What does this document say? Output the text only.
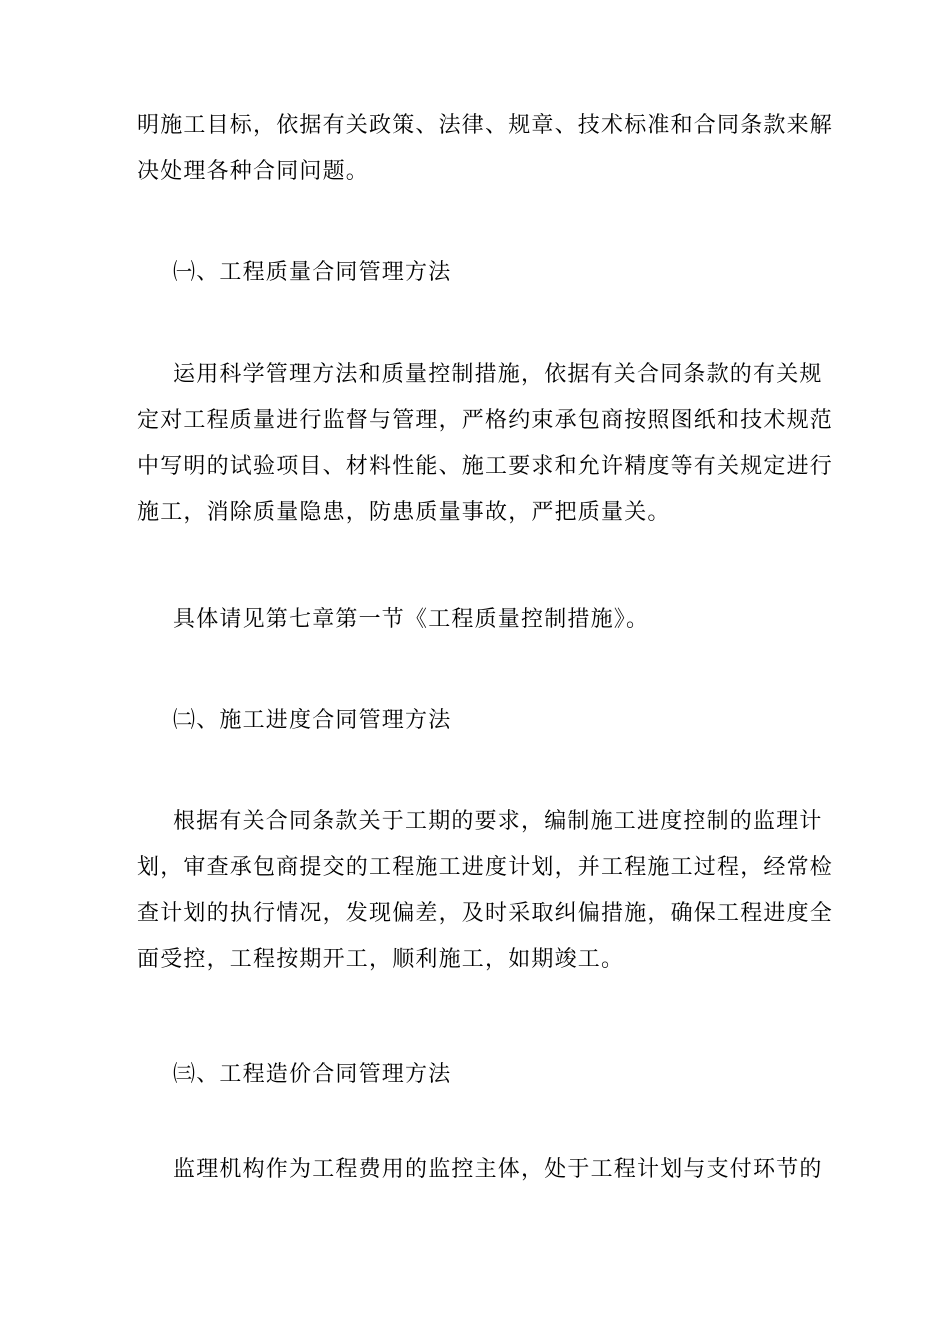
明施工目标，依据有关政策、法律、规章、技术标准和合同条款来解
决处理各种合同问题。
㈠、工程质量合同管理方法
运用科学管理方法和质量控制措施，依据有关合同条款的有关规
定对工程质量进行监督与管理，严格约束承包商按照图纸和技术规范
中写明的试验项目、材料性能、施工要求和允许精度等有关规定进行
施工，消除质量隐患，防患质量事故，严把质量关。
具体请见第七章第一节《工程质量控制措施》。
㈡、施工进度合同管理方法
根据有关合同条款关于工期的要求，编制施工进度控制的监理计
划，审查承包商提交的工程施工进度计划，并工程施工过程，经常检
查计划的执行情况，发现偏差，及时采取纠偏措施，确保工程进度全
面受控，工程按期开工，顺利施工，如期竣工。
㈢、工程造价合同管理方法
监理机构作为工程费用的监控主体，处于工程计划与支付环节的
